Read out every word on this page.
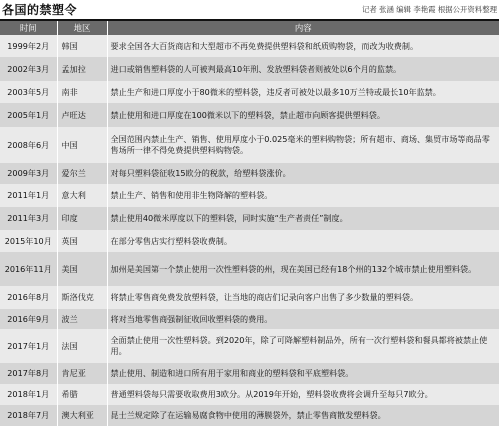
各国的禁塑令	记者 张涵 编辑 李艳霞 根据公开资料整理
时间	地区	内容
1999年2月	韩国	要求全国各大百货商店和大型超市不再免费提供塑料袋和纸质购物袋，而改为收费制。
2002年3月	孟加拉	进口或销售塑料袋的人可被判最高10年刑、发放塑料袋者则被处以6个月的监禁。
2003年5月	南非	禁止生产和进口厚度小于80微米的塑料袋，违反者可被处以最多10万兰特或最长10年监禁。
2005年1月	卢旺达	禁止使用和进口厚度在100微米以下的塑料袋，禁止超市向顾客提供塑料袋。
2008年6月	中国	全国范围内禁止生产、销售、使用厚度小于0.025毫米的塑料购物袋；所有超市、商场、集贸市场等商品零售场所一律不得免费提供塑料购物袋。
2009年3月	爱尔兰	对每只塑料袋征收15欧分的税款，给塑料袋涨价。
2011年1月	意大利	禁止生产、销售和使用非生物降解的塑料袋。
2011年3月	印度	禁止使用40微米厚度以下的塑料袋，同时实施“生产者责任”制度。
2015年10月	英国	在部分零售店实行塑料袋收费制。
2016年11月	美国	加州是美国第一个禁止使用一次性塑料袋的州，现在美国已经有18个州的132个城市禁止使用塑料袋。
2016年8月	斯洛伐克	将禁止零售商免费发放塑料袋，让当地的商店们记录向客户出售了多少数量的塑料袋。
2016年9月	波兰	将对当地零售商强制征收回收塑料袋的费用。
2017年1月	法国	全面禁止使用一次性塑料袋。到2020年，除了可降解塑料制品外，所有一次行塑料袋和餐具都将被禁止使用。
2017年8月	肯尼亚	禁止使用、制造和进口所有用于家用和商业的塑料袋和平底塑料袋。
2018年1月	希腊	普通塑料袋每只需要收取费用3欧分。从2019年开始，塑料袋收费将会调升至每只7欧分。
2018年7月	澳大利亚	昆士兰规定除了在运输易腐食物中使用的薄膜袋外，禁止零售商散发塑料袋。
